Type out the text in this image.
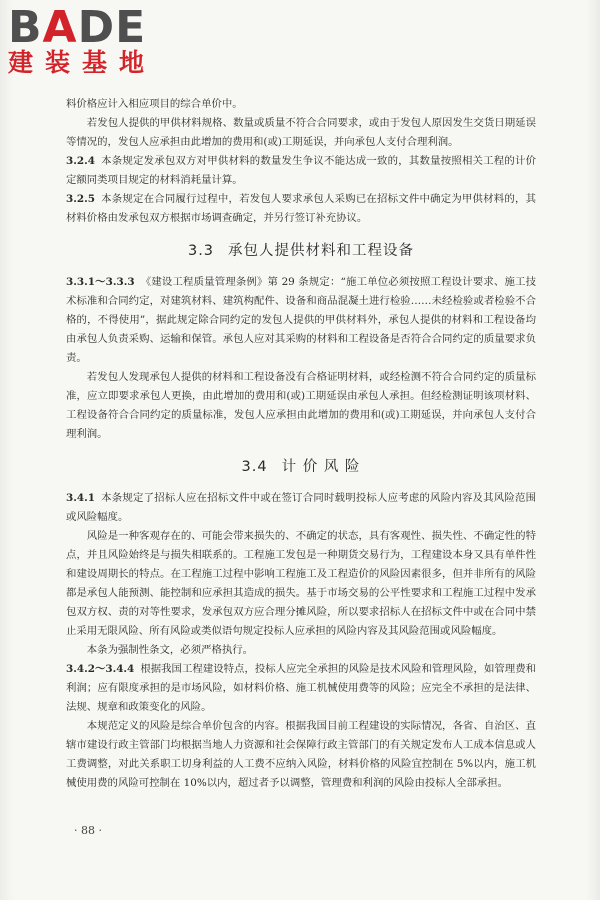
BADE
建装基地

料价格应计入相应项目的综合单价中。

若发包人提供的甲供材料规格、数量或质量不符合合同要求，或由于发包人原因发生交货日期延误等情况的，发包人应承担由此增加的费用和(或)工期延误，并向承包人支付合理利润。

3.2.4 本条规定发承包双方对甲供材料的数量发生争议不能达成一致的，其数量按照相关工程的计价定额同类项目规定的材料消耗量计算。

3.2.5 本条规定在合同履行过程中，若发包人要求承包人采购已在招标文件中确定为甲供材料的，其材料价格由发承包双方根据市场调查确定，并另行签订补充协议。

3.3 承包人提供材料和工程设备

3.3.1～3.3.3 《建设工程质量管理条例》第 29 条规定：“施工单位必须按照工程设计要求、施工技术标准和合同约定，对建筑材料、建筑构配件、设备和商品混凝土进行检验……未经检验或者检验不合格的，不得使用”，据此规定除合同约定的发包人提供的甲供材料外，承包人提供的材料和工程设备均由承包人负责采购、运输和保管。承包人应对其采购的材料和工程设备是否符合合同约定的质量要求负责。

若发包人发现承包人提供的材料和工程设备没有合格证明材料，或经检测不符合合同约定的质量标准，应立即要求承包人更换，由此增加的费用和(或)工期延误由承包人承担。但经检测证明该项材料、工程设备符合合同约定的质量标准，发包人应承担由此增加的费用和(或)工期延误，并向承包人支付合理利润。

3.4 计 价 风 险

3.4.1 本条规定了招标人应在招标文件中或在签订合同时载明投标人应考虑的风险内容及其风险范围或风险幅度。

风险是一种客观存在的、可能会带来损失的、不确定的状态，具有客观性、损失性、不确定性的特点，并且风险始终是与损失相联系的。工程施工发包是一种期货交易行为，工程建设本身又具有单件性和建设周期长的特点。在工程施工过程中影响工程施工及工程造价的风险因素很多，但并非所有的风险都是承包人能预测、能控制和应承担其造成的损失。基于市场交易的公平性要求和工程施工过程中发承包双方权、责的对等性要求，发承包双方应合理分摊风险，所以要求招标人在招标文件中或在合同中禁止采用无限风险、所有风险或类似语句规定投标人应承担的风险内容及其风险范围或风险幅度。

本条为强制性条文，必须严格执行。

3.4.2～3.4.4 根据我国工程建设特点，投标人应完全承担的风险是技术风险和管理风险，如管理费和利润；应有限度承担的是市场风险，如材料价格、施工机械使用费等的风险；应完全不承担的是法律、法规、规章和政策变化的风险。

本规范定义的风险是综合单价包含的内容。根据我国目前工程建设的实际情况，各省、自治区、直辖市建设行政主管部门均根据当地人力资源和社会保障行政主管部门的有关规定发布人工成本信息或人工费调整，对此关系职工切身利益的人工费不应纳入风险，材料价格的风险宜控制在 5%以内，施工机械使用费的风险可控制在 10%以内，超过者予以调整，管理费和利润的风险由投标人全部承担。

· 88 ·
